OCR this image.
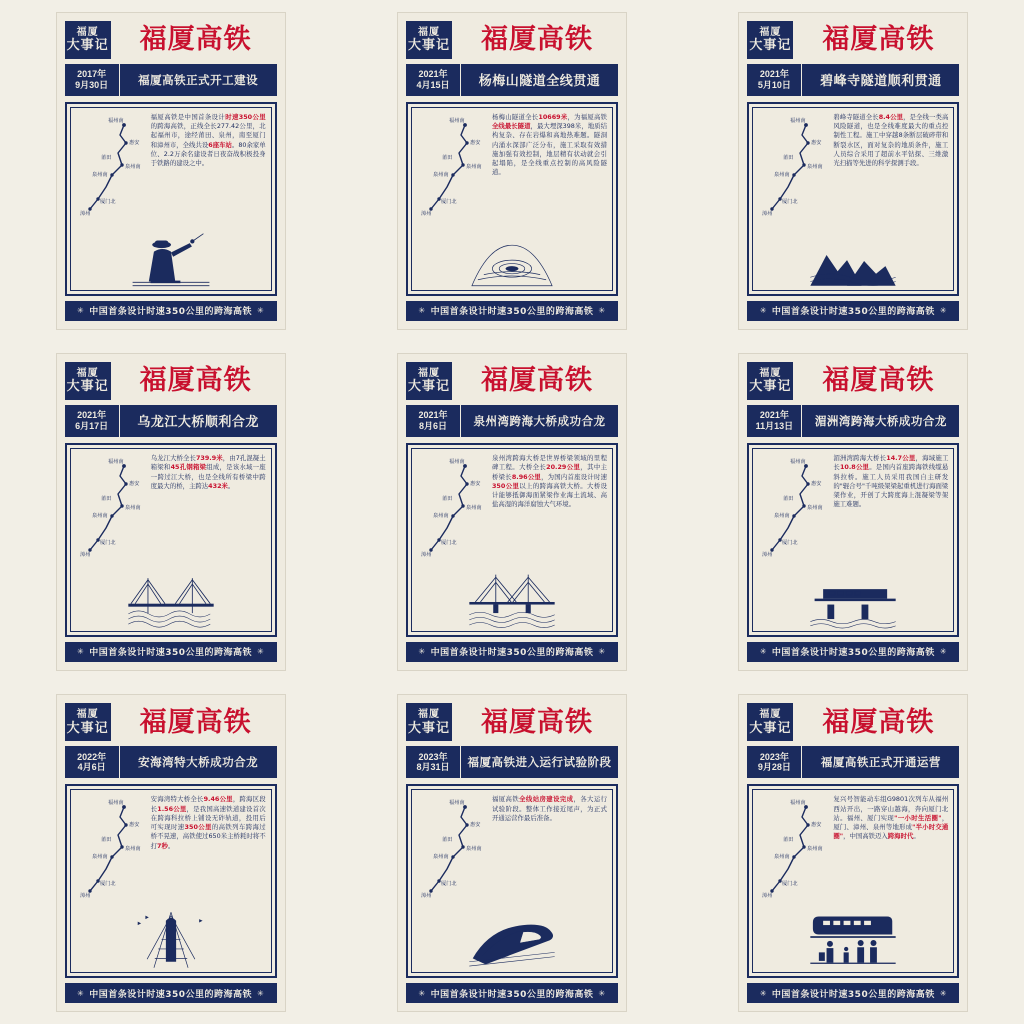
福厦
大事记	福厦高铁
2017年
9月30日	福厦高铁正式开工建设
福州南
惠安
莆田
泉州南
泉州南
厦门北
漳州
福厦高铁是中国首条设计时速350公里的跨海高铁，正线全长277.42公里，北起福州市，途经莆田、泉州，南至厦门和漳州市，全线共设6座车站。80余家单位、2.2万余名建设者日夜奋战积极投身于铁路的建设之中。
✳ 中国首条设计时速350公里的跨海高铁 ✳
福厦
大事记	福厦高铁
2021年
4月15日	杨梅山隧道全线贯通
福州南
惠安
莆田
泉州南
泉州南
厦门北
漳州
杨梅山隧道全长10669米，为福厦高铁全线最长隧道，最大埋深398米，地质结构复杂、存在岩爆和高地热难题。隧洞内涌水深部广泛分布，施工采取有效措施加强有效控制，地层精有状动就会引起塌陷，是全线重点控制的高风险隧道。
✳ 中国首条设计时速350公里的跨海高铁 ✳
福厦
大事记	福厦高铁
2021年
5月10日	碧峰寺隧道顺利贯通
福州南
惠安
莆田
泉州南
泉州南
厦门北
漳州
碧峰寺隧道全长8.4公里，是全线一类高风险隧道，也是全线难度最大的重点控制性工程。施工中穿越8条断层破碎带和断裂水区，面对复杂的地质条件，施工人员综合采用了超前水平钻探、三维激光扫描等先进的科学探测手段。
✳ 中国首条设计时速350公里的跨海高铁 ✳
福厦
大事记	福厦高铁
2021年
6月17日	乌龙江大桥顺利合龙
福州南
惠安
莆田
泉州南
泉州南
厦门北
漳州
乌龙江大桥全长739.9米，由7孔混凝土箱梁和45孔钢箱梁组成，是该水域一座一跨过江大桥，也是全线所有桥梁中跨度最大的桥，主跨达432米。
✳ 中国首条设计时速350公里的跨海高铁 ✳
福厦
大事记	福厦高铁
2021年
8月6日	泉州湾跨海大桥成功合龙
福州南
惠安
莆田
泉州南
泉州南
厦门北
漳州
泉州湾跨海大桥是世界桥梁领域的里程碑工程。大桥全长20.29公里，其中主桥梁长8.96公里，为国内首座设计时速350公里以上的跨海高铁大桥。大桥设计能够抵御海面紧梁作业海土流域、高盐高湿的海洋腐蚀大气环境。
✳ 中国首条设计时速350公里的跨海高铁 ✳
福厦
大事记	福厦高铁
2021年
11月13日	湄洲湾跨海大桥成功合龙
福州南
惠安
莆田
泉州南
泉州南
厦门北
漳州
湄洲湾跨海大桥长14.7公里，海域施工长10.8公里。是国内首座跨海铁线缆悬斜拉桥。施工人员采用我国自主研发的"辊合号"千吨级架梁起重机进行海面梁架作业，开创了大跨度海上混凝梁等架施工难题。
✳ 中国首条设计时速350公里的跨海高铁 ✳
福厦
大事记	福厦高铁
2022年
4月6日	安海湾特大桥成功合龙
福州南
惠安
莆田
泉州南
泉州南
厦门北
漳州
安海湾特大桥全长9.46公里，跨海区段长1.56公里，是我国高速铁道建设首次在跨海科拉桥上铺设无砟轨道，投用后可实现时速350公里的高铁列车跨海过桥不晃速，高铁使过650米主桥耗时将不打7秒。
✳ 中国首条设计时速350公里的跨海高铁 ✳
福厦
大事记	福厦高铁
2023年
8月31日	福厦高铁进入运行试验阶段
福州南
惠安
莆田
泉州南
泉州南
厦门北
漳州
福厦高铁全线站房建设完成，各大运行试验阶段。整体工作接近尾声，为正式开通运营作最后准备。
✳ 中国首条设计时速350公里的跨海高铁 ✳
福厦
大事记	福厦高铁
2023年
9月28日	福厦高铁正式开通运营
福州南
惠安
莆田
泉州南
泉州南
厦门北
漳州
复兴号智能动车组G9801次列车从福州西站开出，一路穿山越海，奔向厦门北站。福州、厦门实现"一小时生活圈"，厦门、漳州、泉州等地形成"半小时交通圈"，中国高铁迈入跨海时代。
✳ 中国首条设计时速350公里的跨海高铁 ✳
